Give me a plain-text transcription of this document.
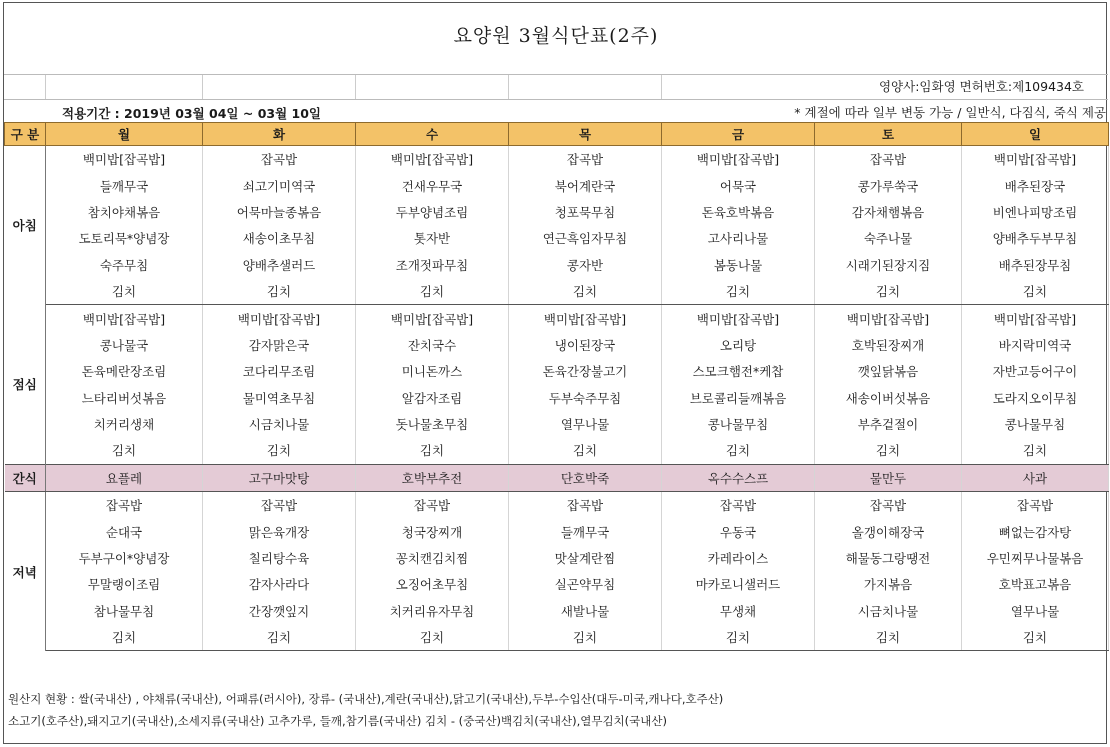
요양원 3월식단표(2주)
영양사:임화영 면허번호:제109434호
적용기간 : 2019년 03월 04일 ~ 03월 10일	* 계절에 따라 일부 변동 가능 / 일반식, 다짐식, 죽식 제공
구 분	월	화	수	목	금	토	일
아침	백미밥[잡곡밥]	잡곡밥	백미밥[잡곡밥]	잡곡밥	백미밥[잡곡밥]	잡곡밥	백미밥[잡곡밥]
	들깨무국	쇠고기미역국	건새우무국	북어계란국	어묵국	콩가루쑥국	배추된장국
	참치야채볶음	어묵마늘종볶음	두부양념조림	청포묵무침	돈육호박볶음	감자채햄볶음	비엔나피망조림
	도토리묵*양념장	새송이초무침	톳자반	연근흑임자무침	고사리나물	숙주나물	양배추두부무침
	숙주무침	양배추샐러드	조개젓파무침	콩자반	봄동나물	시래기된장지짐	배추된장무침
	김치	김치	김치	김치	김치	김치	김치
점심	백미밥[잡곡밥]	백미밥[잡곡밥]	백미밥[잡곡밥]	백미밥[잡곡밥]	백미밥[잡곡밥]	백미밥[잡곡밥]	백미밥[잡곡밥]
	콩나물국	감자맑은국	잔치국수	냉이된장국	오리탕	호박된장찌개	바지락미역국
	돈육메란장조림	코다리무조림	미니돈까스	돈육간장불고기	스모크햄전*케찹	깻잎닭볶음	자반고등어구이
	느타리버섯볶음	물미역초무침	알감자조림	두부숙주무침	브로콜리들깨볶음	새송이버섯볶음	도라지오이무침
	치커리생채	시금치나물	돗나물초무침	열무나물	콩나물무침	부추겉절이	콩나물무침
	김치	김치	김치	김치	김치	김치	김치
간식	요플레	고구마맛탕	호박부추전	단호박죽	옥수수스프	물만두	사과
저녁	잡곡밥	잡곡밥	잡곡밥	잡곡밥	잡곡밥	잡곡밥	잡곡밥
	순대국	맑은육개장	청국장찌개	들깨무국	우동국	올갱이해장국	뼈없는감자탕
	두부구이*양념장	칠리탕수육	꽁치캔김치찜	맛살계란찜	카레라이스	해물동그랑땡전	우민찌무나물볶음
	무말랭이조림	감자사라다	오징어초무침	실곤약무침	마카로니샐러드	가지볶음	호박표고볶음
	참나물무침	간장깻잎지	치커리유자무침	새발나물	무생채	시금치나물	열무나물
	김치	김치	김치	김치	김치	김치	김치
원산지 현황 : 쌀(국내산) , 야채류(국내산), 어패류(러시아), 장류- (국내산),계란(국내산),닭고기(국내산),두부-수입산(대두-미국,캐나다,호주산)
소고기(호주산),돼지고기(국내산),소세지류(국내산) 고추가루, 들깨,참기름(국내산) 김치 - (중국산)백김치(국내산),열무김치(국내산)
